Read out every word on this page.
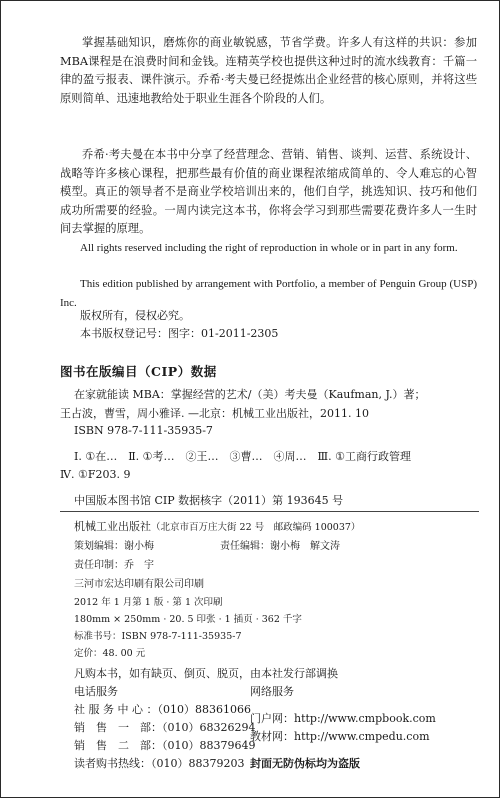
掌握基础知识，磨炼你的商业敏锐感，节省学费。许多人有这样的共识：参加MBA课程是在浪费时间和金钱。连精英学校也提供这种过时的流水线教育：千篇一律的盈亏报表、课件演示。乔希·考夫曼已经提炼出企业经营的核心原则，并将这些原则简单、迅速地教给处于职业生涯各个阶段的人们。

乔希·考夫曼在本书中分享了经营理念、营销、销售、谈判、运营、系统设计、战略等许多核心课程，把那些最有价值的商业课程浓缩成简单的、令人难忘的心智模型。真正的领导者不是商业学校培训出来的，他们自学，挑选知识、技巧和他们成功所需要的经验。一周内读完这本书，你将会学习到那些需要花费许多人一生时间去掌握的原理。

All rights reserved including the right of reproduction in whole or in part in any form.

This edition published by arrangement with Portfolio, a member of Penguin Group (USP) Inc.

版权所有，侵权必究。
本书版权登记号：图字：01-2011-2305
图书在版编目（CIP）数据
在家就能读 MBA：掌握经营的艺术/（美）考夫曼（Kaufman, J.）著；
王占波，曹雪，周小雅译. —北京：机械工业出版社，2011. 10
ISBN 978-7-111-35935-7
Ⅰ. ①在…　Ⅱ. ①考…　②王…　③曹…　④周…　Ⅲ. ①工商行政管理
Ⅳ. ①F203. 9
中国版本图书馆 CIP 数据核字（2011）第 193645 号
机械工业出版社（北京市百万庄大街 22 号　邮政编码 100037）
策划编辑：谢小梅	责任编辑：谢小梅　解文涛
责任印制：乔　宇
三河市宏达印刷有限公司印刷
2012 年 1 月第 1 版 · 第 1 次印刷
180mm × 250mm · 20. 5 印张 · 1 插页 · 362 千字
标准书号：ISBN 978-7-111-35935-7
定价：48. 00 元
凡购本书，如有缺页、倒页、脱页，由本社发行部调换
电话服务	网络服务
社 服 务 中 心 ：（010）88361066
销　售　一　部：（010）68326294
销　售　二　部：（010）88379649
读者购书热线：（010）88379203
门户网：http://www.cmpbook.com
教材网：http://www.cmpedu.com
封面无防伪标均为盗版
